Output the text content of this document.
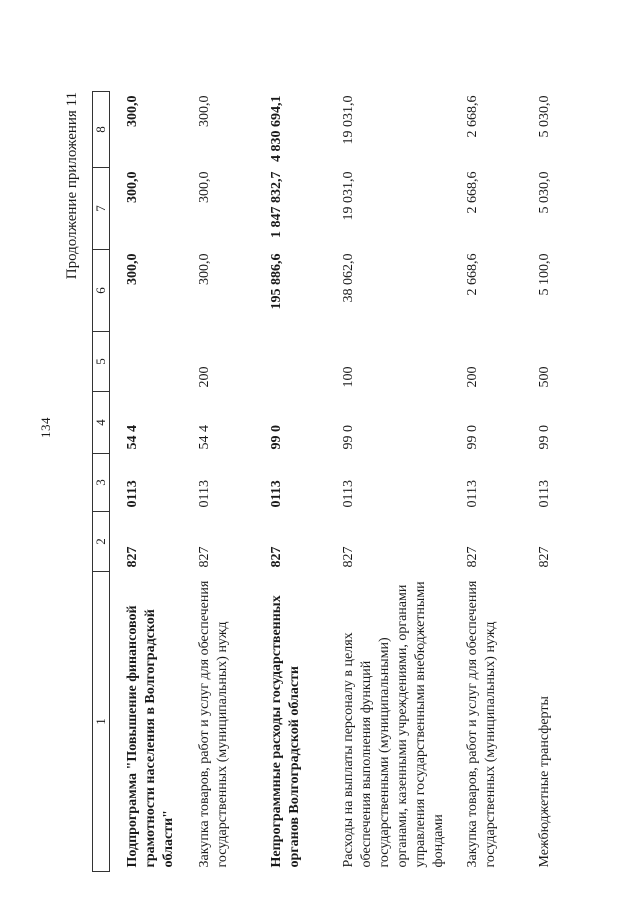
134
Продолжение приложения 11
1	2	3	4	5	6	7	8

Подпрограмма "Повышение финансовой грамотности населения в Волгоградской области"	827	0113	54 4		300,0	300,0	300,0
Закупка товаров, работ и услуг для обеспечения государственных (муниципальных) нужд	827	0113	54 4	200	300,0	300,0	300,0
Непрограммные расходы государственных органов Волгоградской области	827	0113	99 0		195 886,6	1 847 832,7	4 830 694,1
Расходы на выплаты персоналу в целях обеспечения выполнения функций государственными (муниципальными) органами, казенными учреждениями, органами управления государственными внебюджетными фондами	827	0113	99 0	100	38 062,0	19 031,0	19 031,0
Закупка товаров, работ и услуг для обеспечения государственных (муниципальных) нужд	827	0113	99 0	200	2 668,6	2 668,6	2 668,6
Межбюджетные трансферты	827	0113	99 0	500	5 100,0	5 030,0	5 030,0
